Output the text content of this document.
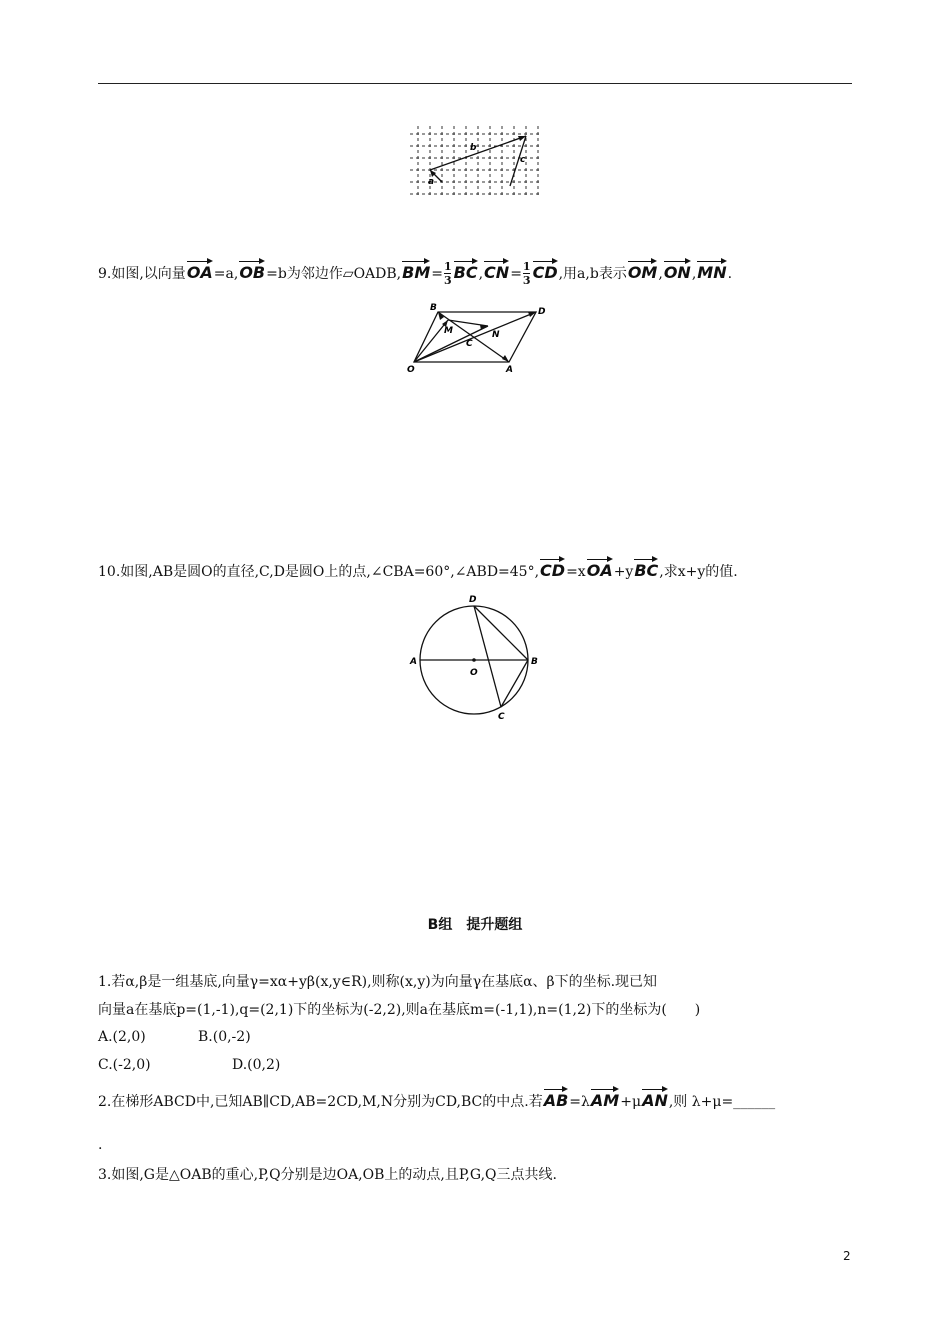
a
b
c
9.如图,以向量OA=a,OB=b为邻边作▱OADB,BM= $\frac{1}{3} BC,CN= \frac{1}{3}$ CD,用a,b表示OM,ON,MN.
B	D
M	N
C
O	A
10.如图,AB是圆O的直径,C,D是圆O上的点,∠CBA=60°,∠ABD=45°,CD=xOA+yBC,求x+y的值.
D
A
O
B
C
B组　提升题组
1.若α,β是一组基底,向量γ=xα+yβ(x,y∈R),则称(x,y)为向量γ在基底α、β下的坐标.现已知
向量a在基底p=(1,-1),q=(2,1)下的坐标为(-2,2),则a在基底m=(-1,1),n=(1,2)下的坐标为(　　)
A.(2,0)	B.(0,-2)
C.(-2,0)	D.(0,2)
2.在梯形ABCD中,已知AB∥CD,AB=2CD,M,N分别为CD,BC的中点.若AB=λAM+μAN,则 λ+μ=______
.
3.如图,G是△OAB的重心,P,Q分别是边OA,OB上的动点,且P,G,Q三点共线.
2
